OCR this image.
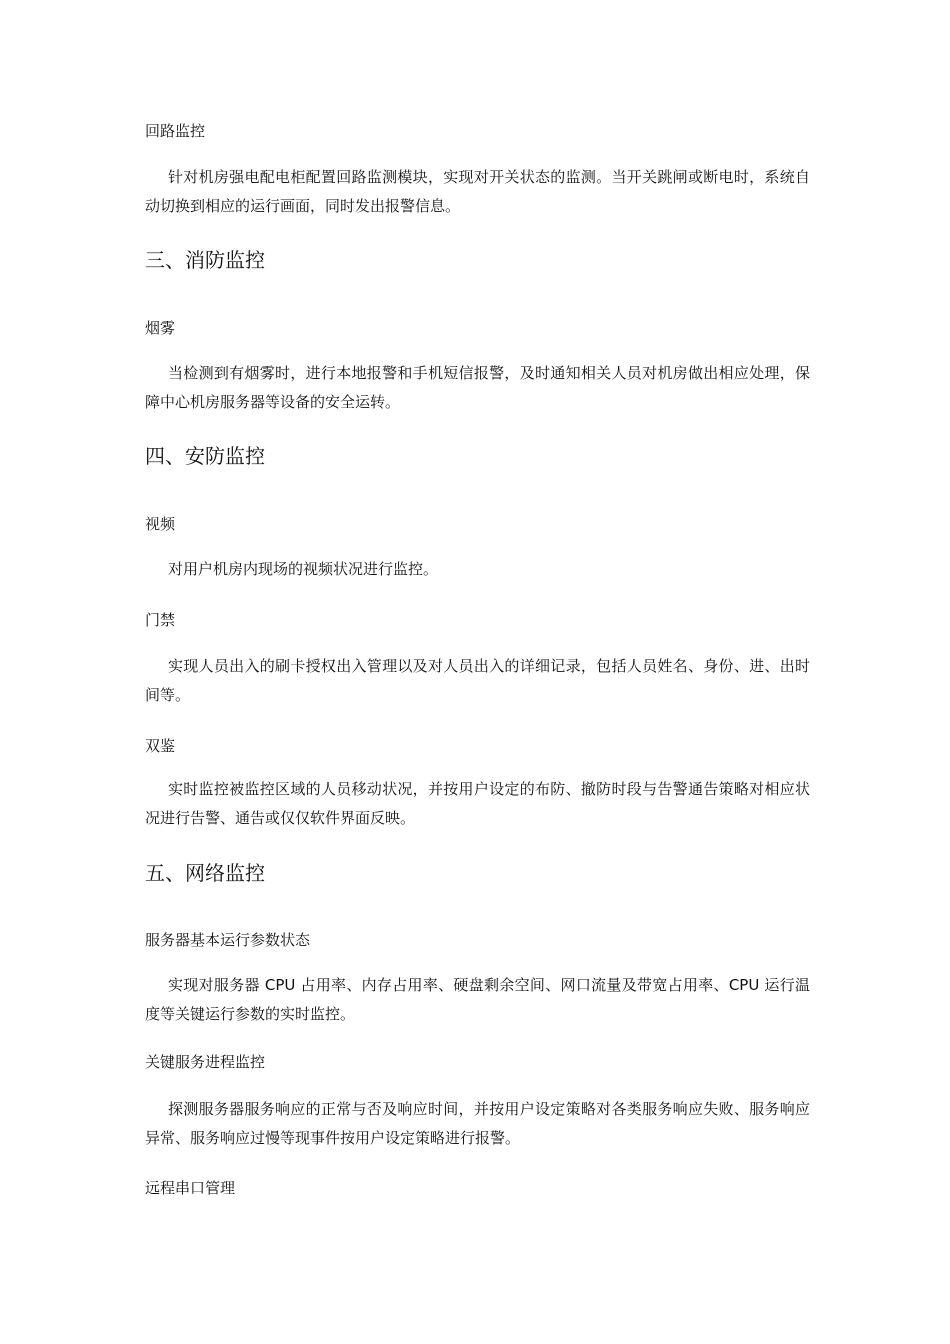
回路监控

针对机房强电配电柜配置回路监测模块，实现对开关状态的监测。当开关跳闸或断电时，系统自动切换到相应的运行画面，同时发出报警信息。

三、消防监控

烟雾

当检测到有烟雾时，进行本地报警和手机短信报警，及时通知相关人员对机房做出相应处理，保障中心机房服务器等设备的安全运转。

四、安防监控

视频

对用户机房内现场的视频状况进行监控。

门禁

实现人员出入的刷卡授权出入管理以及对人员出入的详细记录，包括人员姓名、身份、进、出时间等。

双鉴

实时监控被监控区域的人员移动状况，并按用户设定的布防、撤防时段与告警通告策略对相应状况进行告警、通告或仅仅软件界面反映。

五、网络监控

服务器基本运行参数状态

实现对服务器 CPU 占用率、内存占用率、硬盘剩余空间、网口流量及带宽占用率、CPU 运行温度等关键运行参数的实时监控。

关键服务进程监控

探测服务器服务响应的正常与否及响应时间，并按用户设定策略对各类服务响应失败、服务响应异常、服务响应过慢等现事件按用户设定策略进行报警。

远程串口管理
